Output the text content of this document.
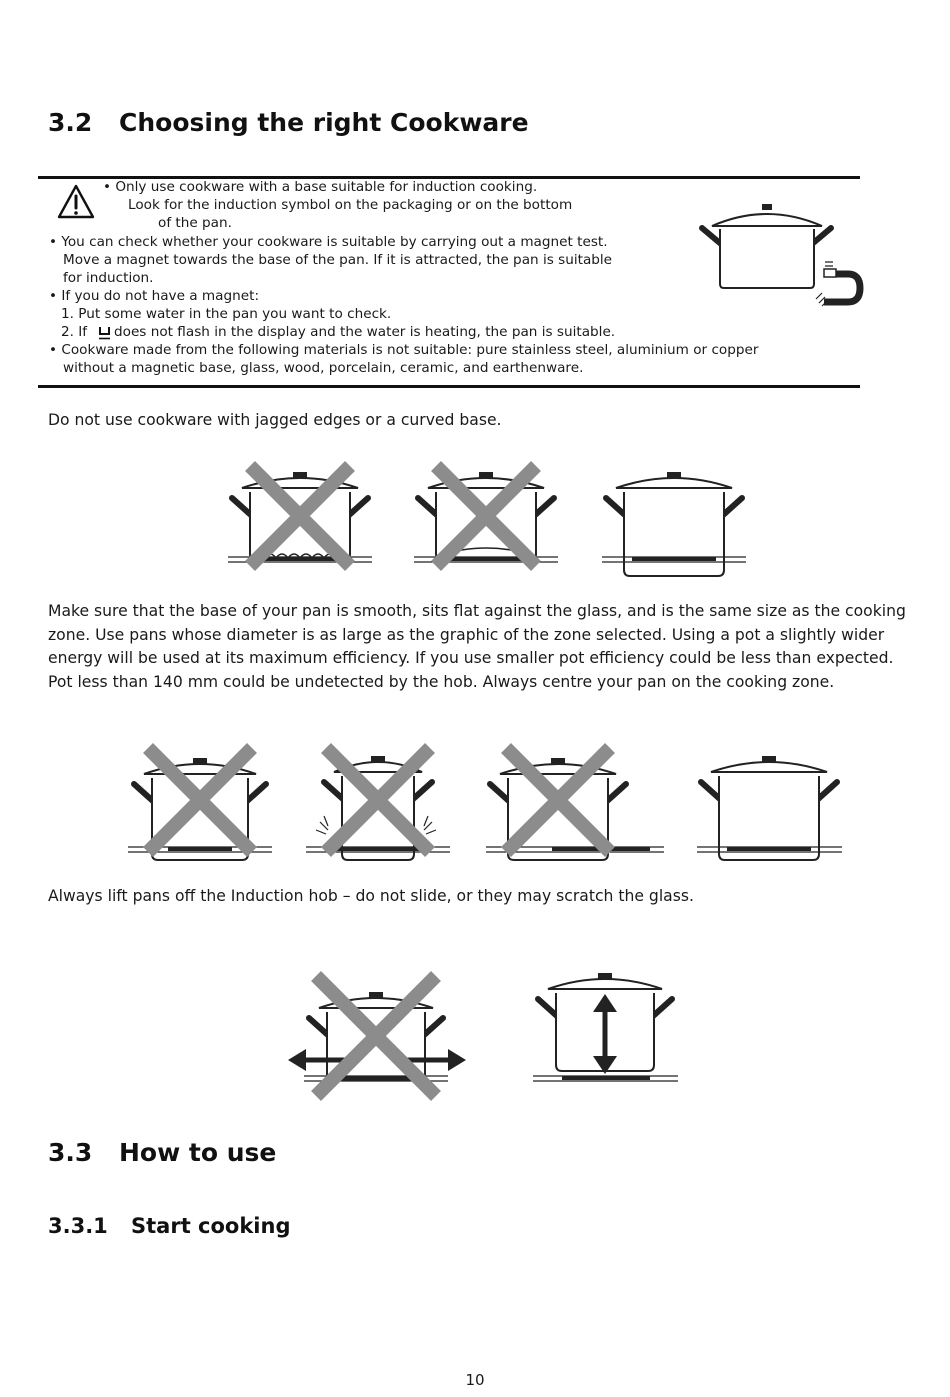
3.2 Choosing the right Cookware
• Only use cookware with a base suitable for induction cooking.
Look for the induction symbol on the packaging or on the bottom
of the pan.
• You can check whether your cookware is suitable by carrying out a magnet test.
Move a magnet towards the base of the pan. If it is attracted, the pan is suitable
for induction.
• If you do not have a magnet:
1. Put some water in the pan you want to check.
2. If does not flash in the display and the water is heating, the pan is suitable.
• Cookware made from the following materials is not suitable: pure stainless steel, aluminium or copper
without a magnetic base, glass, wood, porcelain, ceramic, and earthenware.
Do not use cookware with jagged edges or a curved base.
Make sure that the base of your pan is smooth, sits flat against the glass, and is the same size as the cooking zone. Use pans whose diameter is as large as the graphic of the zone selected. Using a pot a slightly wider energy will be used at its maximum efficiency. If you use smaller pot efficiency could be less than expected. Pot less than 140 mm could be undetected by the hob. Always centre your pan on the cooking zone.
Always lift pans off the Induction hob – do not slide, or they may scratch the glass.
3.3 How to use
3.3.1 Start cooking
10
